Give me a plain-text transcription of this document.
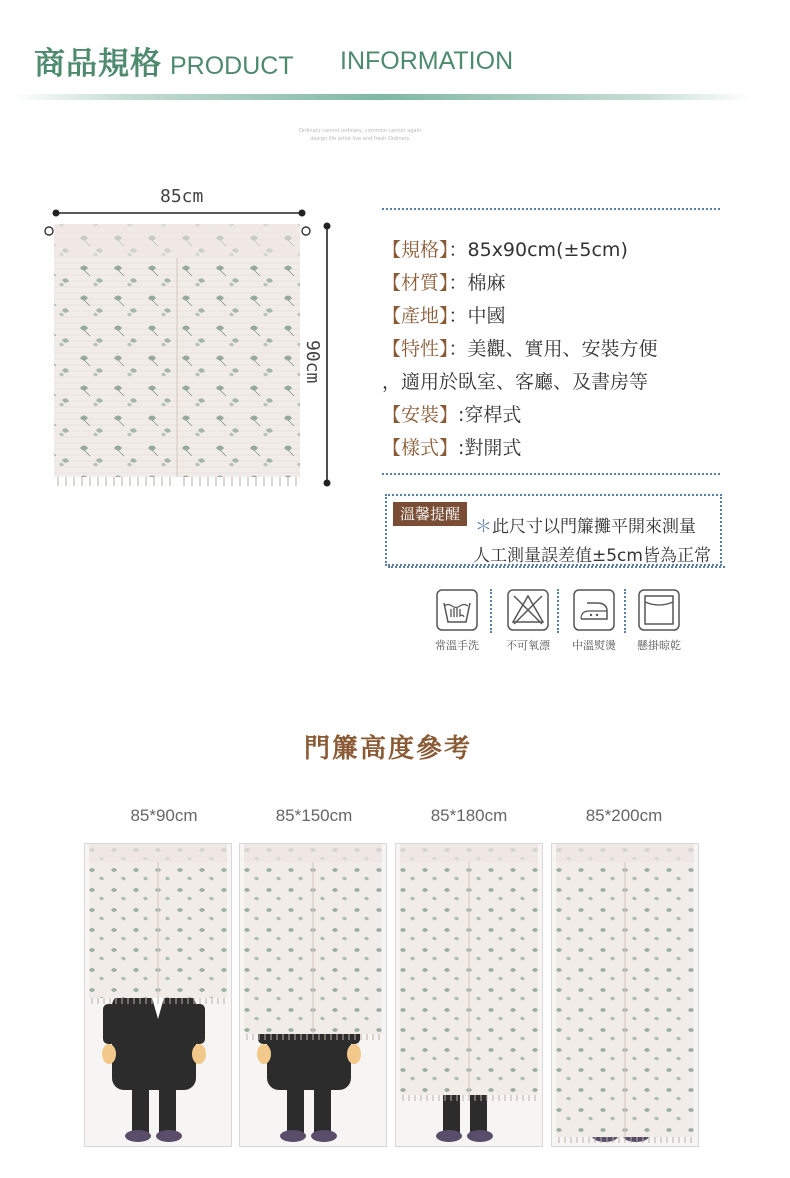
商品規格 PRODUCT INFORMATION
Ordinary cannot ordinary, common cannot again
design life artist live and fresh Ordinary
85cm
90cm
【規格】：85x90cm(±5cm)
【材質】：棉麻
【產地】：中國
【特性】：美觀、實用、安裝方便
，適用於臥室、客廳、及書房等
【安裝】:穿桿式
【樣式】:對開式
溫馨提醒
＊此尺寸以門簾攤平開來測量
人工測量誤差值±5cm皆為正常
常溫手洗	不可氧漂	中溫熨燙	懸掛晾乾
門簾高度參考
85*90cm	85*150cm	85*180cm	85*200cm
